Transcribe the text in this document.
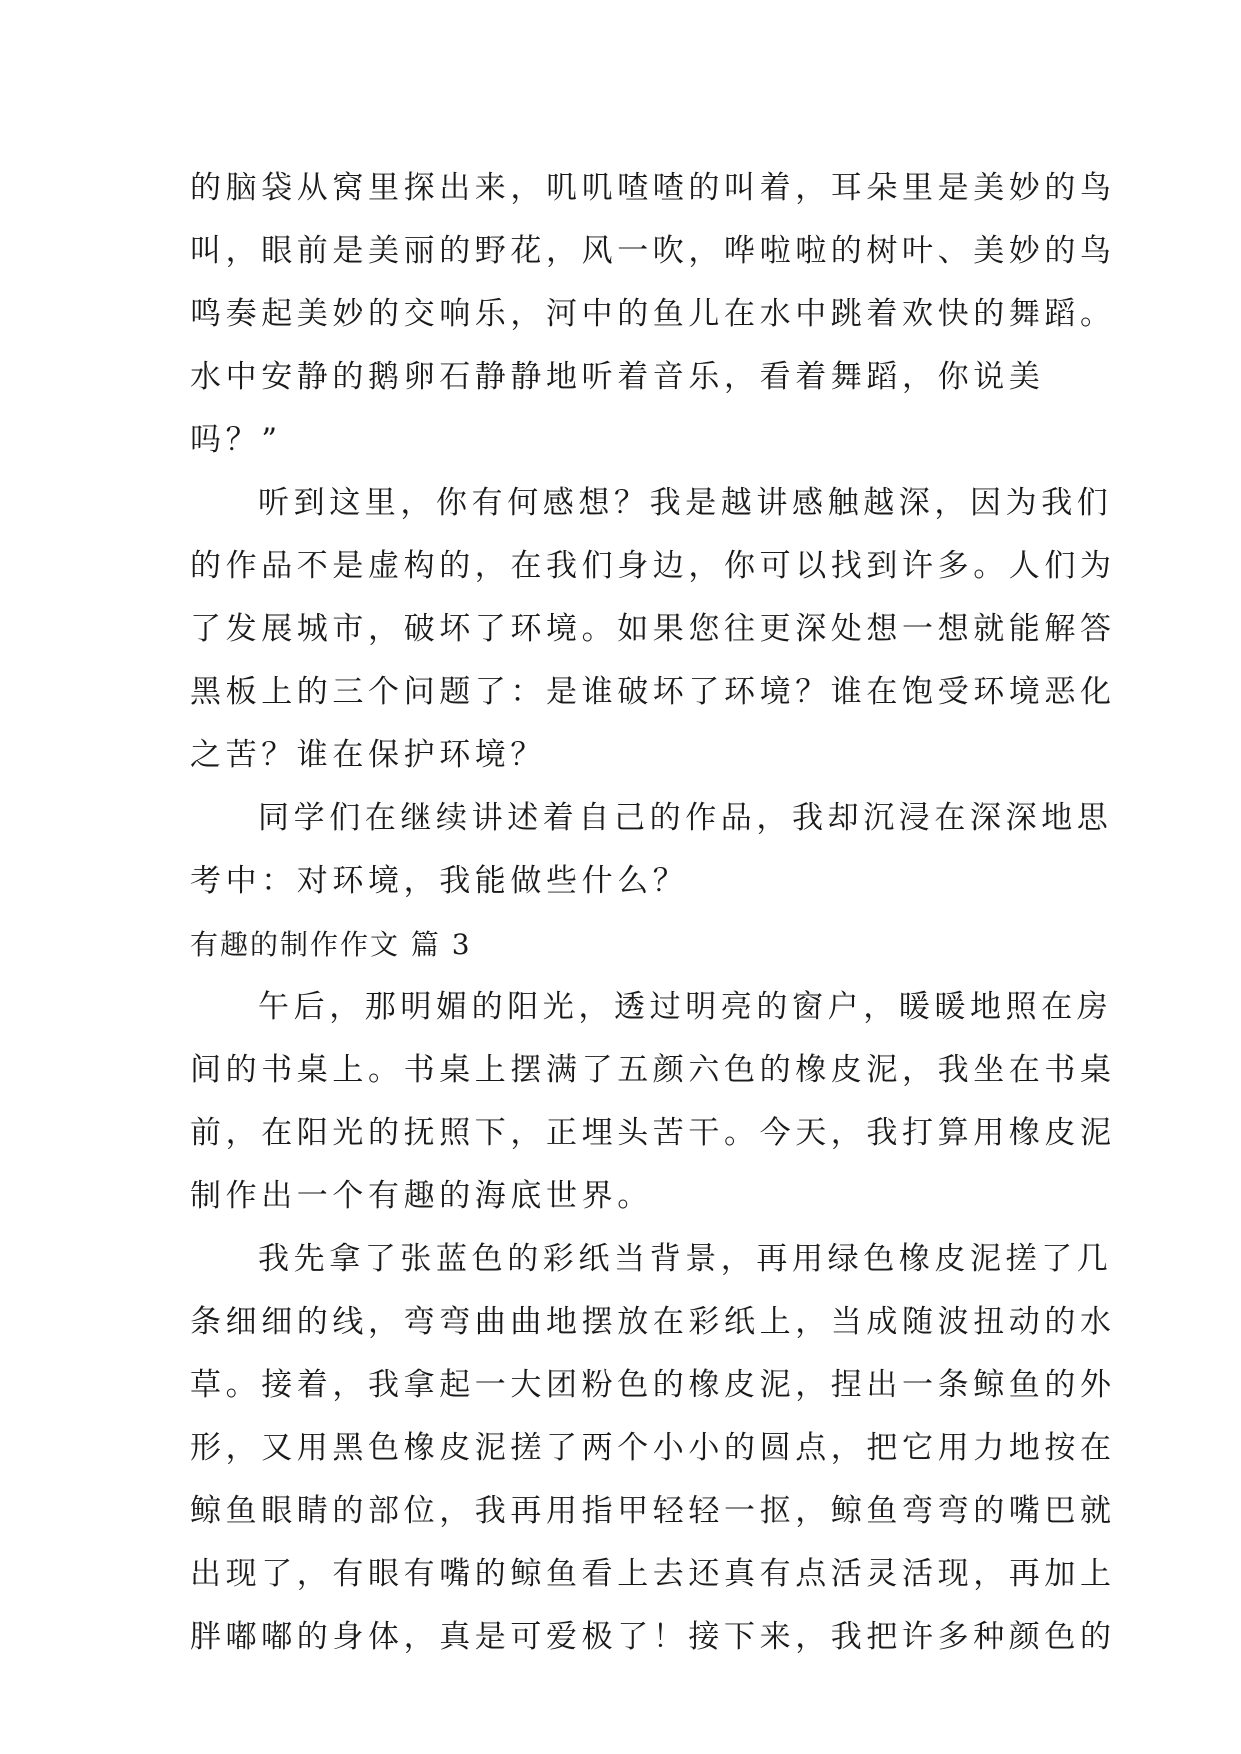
的脑袋从窝里探出来，叽叽喳喳的叫着，耳朵里是美妙的鸟
叫，眼前是美丽的野花，风一吹，哗啦啦的树叶、美妙的鸟
鸣奏起美妙的交响乐，河中的鱼儿在水中跳着欢快的舞蹈。
水中安静的鹅卵石静静地听着音乐，看着舞蹈，你说美
吗？”
听到这里，你有何感想？我是越讲感触越深，因为我们
的作品不是虚构的，在我们身边，你可以找到许多。人们为
了发展城市，破坏了环境。如果您往更深处想一想就能解答
黑板上的三个问题了：是谁破坏了环境？谁在饱受环境恶化
之苦？谁在保护环境？
同学们在继续讲述着自己的作品，我却沉浸在深深地思
考中：对环境，我能做些什么？
有趣的制作作文 篇 3
午后，那明媚的阳光，透过明亮的窗户，暖暖地照在房
间的书桌上。书桌上摆满了五颜六色的橡皮泥，我坐在书桌
前，在阳光的抚照下，正埋头苦干。今天，我打算用橡皮泥
制作出一个有趣的海底世界。
我先拿了张蓝色的彩纸当背景，再用绿色橡皮泥搓了几
条细细的线，弯弯曲曲地摆放在彩纸上，当成随波扭动的水
草。接着，我拿起一大团粉色的橡皮泥，捏出一条鲸鱼的外
形，又用黑色橡皮泥搓了两个小小的圆点，把它用力地按在
鲸鱼眼睛的部位，我再用指甲轻轻一抠，鲸鱼弯弯的嘴巴就
出现了，有眼有嘴的鲸鱼看上去还真有点活灵活现，再加上
胖嘟嘟的身体，真是可爱极了！接下来，我把许多种颜色的
